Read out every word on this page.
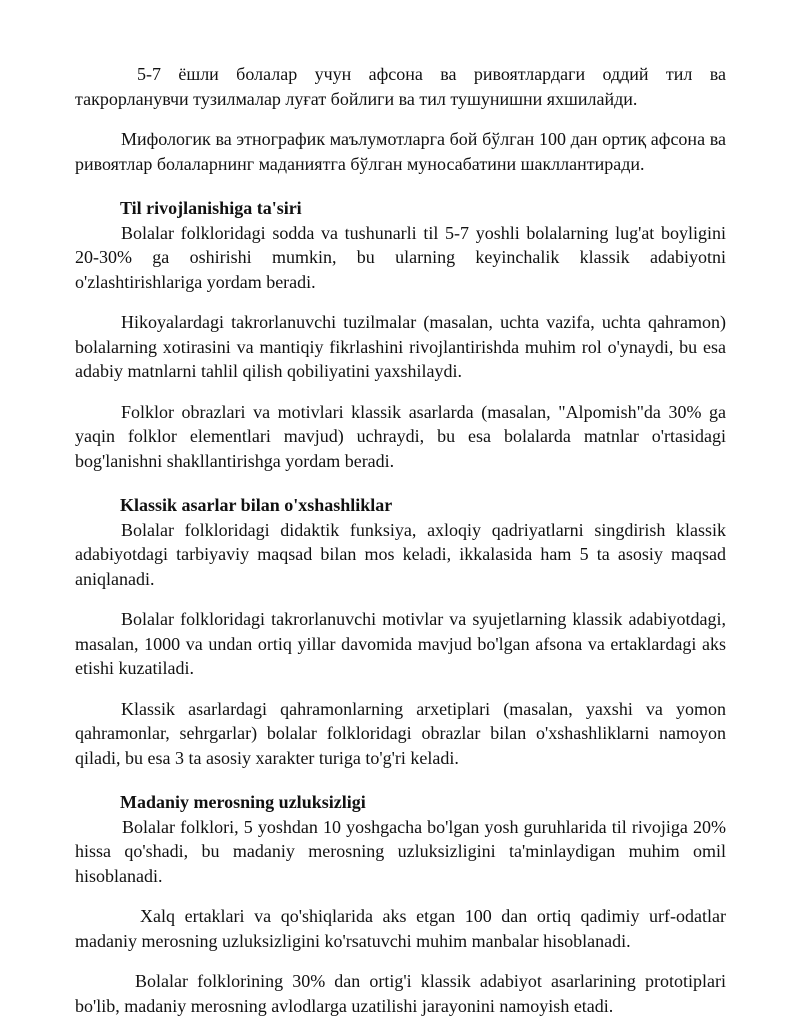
5-7 ёшли болалар учун афсона ва ривоятлардаги оддий тил ва такрорланувчи тузилмалар луғат бойлиги ва тил тушунишни яхшилайди.

Мифологик ва этнографик маълумотларга бой бўлган 100 дан ортиқ афсона ва ривоятлар болаларнинг маданиятга бўлган муносабатини шакллантиради.

Til rivojlanishiga ta'siri

Bolalar folkloridagi sodda va tushunarli til 5-7 yoshli bolalarning lug'at boyligini 20-30% ga oshirishi mumkin, bu ularning keyinchalik klassik adabiyotni o'zlashtirishlariga yordam beradi.

Hikoyalardagi takrorlanuvchi tuzilmalar (masalan, uchta vazifa, uchta qahramon) bolalarning xotirasini va mantiqiy fikrlashini rivojlantirishda muhim rol o'ynaydi, bu esa adabiy matnlarni tahlil qilish qobiliyatini yaxshilaydi.

Folklor obrazlari va motivlari klassik asarlarda (masalan, "Alpomish"da 30% ga yaqin folklor elementlari mavjud) uchraydi, bu esa bolalarda matnlar o'rtasidagi bog'lanishni shakllantirishga yordam beradi.

Klassik asarlar bilan o'xshashliklar

Bolalar folkloridagi didaktik funksiya, axloqiy qadriyatlarni singdirish klassik adabiyotdagi tarbiyaviy maqsad bilan mos keladi, ikkalasida ham 5 ta asosiy maqsad aniqlanadi.

Bolalar folkloridagi takrorlanuvchi motivlar va syujetlarning klassik adabiyotdagi, masalan, 1000 va undan ortiq yillar davomida mavjud bo'lgan afsona va ertaklardagi aks etishi kuzatiladi.

Klassik asarlardagi qahramonlarning arxetiplari (masalan, yaxshi va yomon qahramonlar, sehrgarlar) bolalar folkloridagi obrazlar bilan o'xshashliklarni namoyon qiladi, bu esa 3 ta asosiy xarakter turiga to'g'ri keladi.

Madaniy merosning uzluksizligi

Bolalar folklori, 5 yoshdan 10 yoshgacha bo'lgan yosh guruhlarida til rivojiga 20% hissa qo'shadi, bu madaniy merosning uzluksizligini ta'minlaydigan muhim omil hisoblanadi.

Xalq ertaklari va qo'shiqlarida aks etgan 100 dan ortiq qadimiy urf-odatlar madaniy merosning uzluksizligini ko'rsatuvchi muhim manbalar hisoblanadi.

Bolalar folklorining 30% dan ortig'i klassik adabiyot asarlarining prototiplari bo'lib, madaniy merosning avlodlarga uzatilishi jarayonini namoyish etadi.
